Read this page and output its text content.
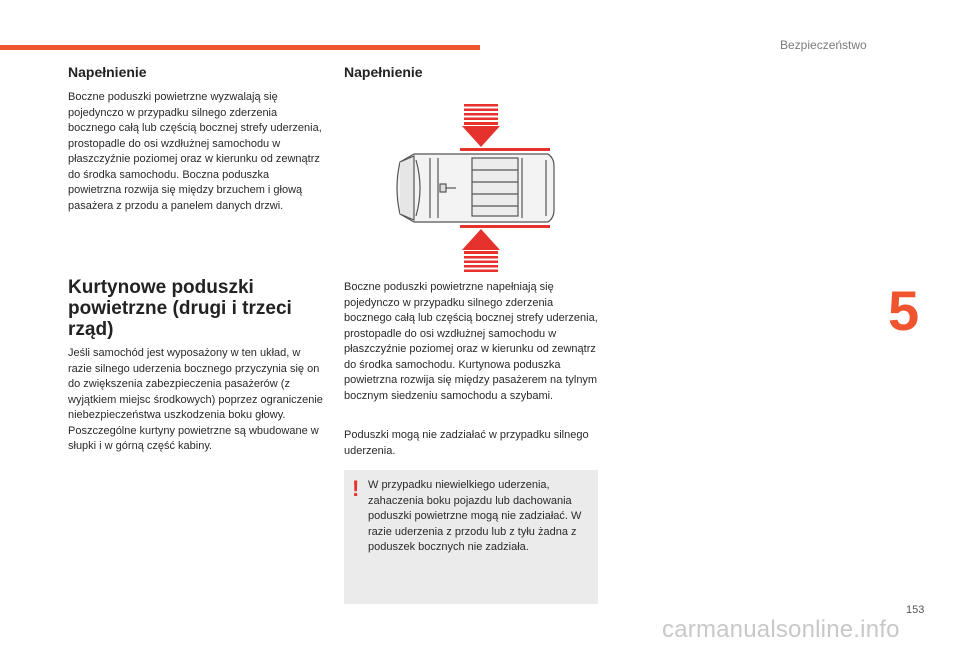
Bezpieczeństwo
5
Napełnienie

Boczne poduszki powietrzne wyzwalają się pojedynczo w przypadku silnego zderzenia bocznego całą lub częścią bocznej strefy uderzenia, prostopadle do osi wzdłużnej samochodu w płaszczyźnie poziomej oraz w kierunku od zewnątrz do środka samochodu. Boczna poduszka powietrzna rozwija się między brzuchem i głową pasażera z przodu a panelem danych drzwi.

Kurtynowe poduszki powietrzne (drugi i trzeci rząd)

Jeśli samochód jest wyposażony w ten układ, w razie silnego uderzenia bocznego przyczynia się on do zwiększenia zabezpieczenia pasażerów (z wyjątkiem miejsc środkowych) poprzez ograniczenie niebezpieczeństwa uszkodzenia boku głowy. Poszczególne kurtyny powietrzne są wbudowane w słupki i w górną część kabiny.

Napełnienie

Boczne poduszki powietrzne napełniają się pojedynczo w przypadku silnego zderzenia bocznego całą lub częścią bocznej strefy uderzenia, prostopadle do osi wzdłużnej samochodu w płaszczyźnie poziomej oraz w kierunku od zewnątrz do środka samochodu. Kurtynowa poduszka powietrzna rozwija się między pasażerem na tylnym bocznym siedzeniu samochodu a szybami.

Poduszki mogą nie zadziałać w przypadku silnego uderzenia.

! W przypadku niewielkiego uderzenia, zahaczenia boku pojazdu lub dachowania poduszki powietrzne mogą nie zadziałać. W razie uderzenia z przodu lub z tyłu żadna z poduszek bocznych nie zadziała.

153
carmanualsonline.info
